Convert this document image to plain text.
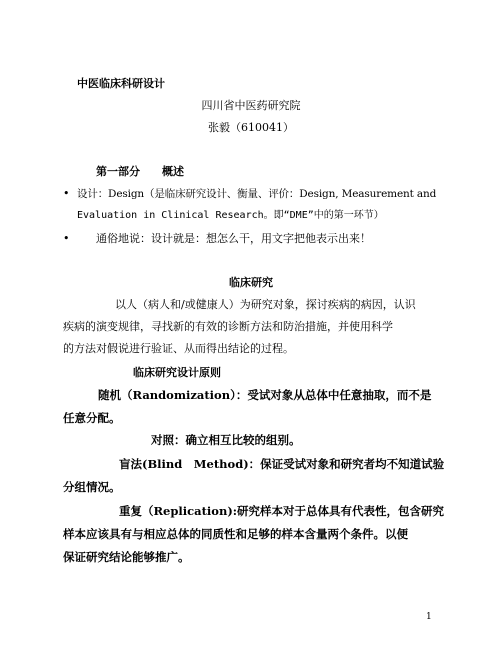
中医临床科研设计
四川省中医药研究院
张毅（610041）
第一部分　　概述
• 设计：Design（是临床研究设计、衡量、评价：Design, Measurement and
Evaluation in Clinical Research。即“DME”中的第一环节）
• 通俗地说：设计就是：想怎么干，用文字把他表示出来！
临床研究
以人（病人和/或健康人）为研究对象，探讨疾病的病因，认识
疾病的演变规律，寻找新的有效的诊断方法和防治措施，并使用科学
的方法对假说进行验证、从而得出结论的过程。
临床研究设计原则
随机（Randomization）：受试对象从总体中任意抽取，而不是
任意分配。
对照：确立相互比较的组别。
盲法(Blind　Method)：保证受试对象和研究者均不知道试验
分组情况。
重复（Replication):研究样本对于总体具有代表性，包含研究
样本应该具有与相应总体的同质性和足够的样本含量两个条件。以便
保证研究结论能够推广。
1
